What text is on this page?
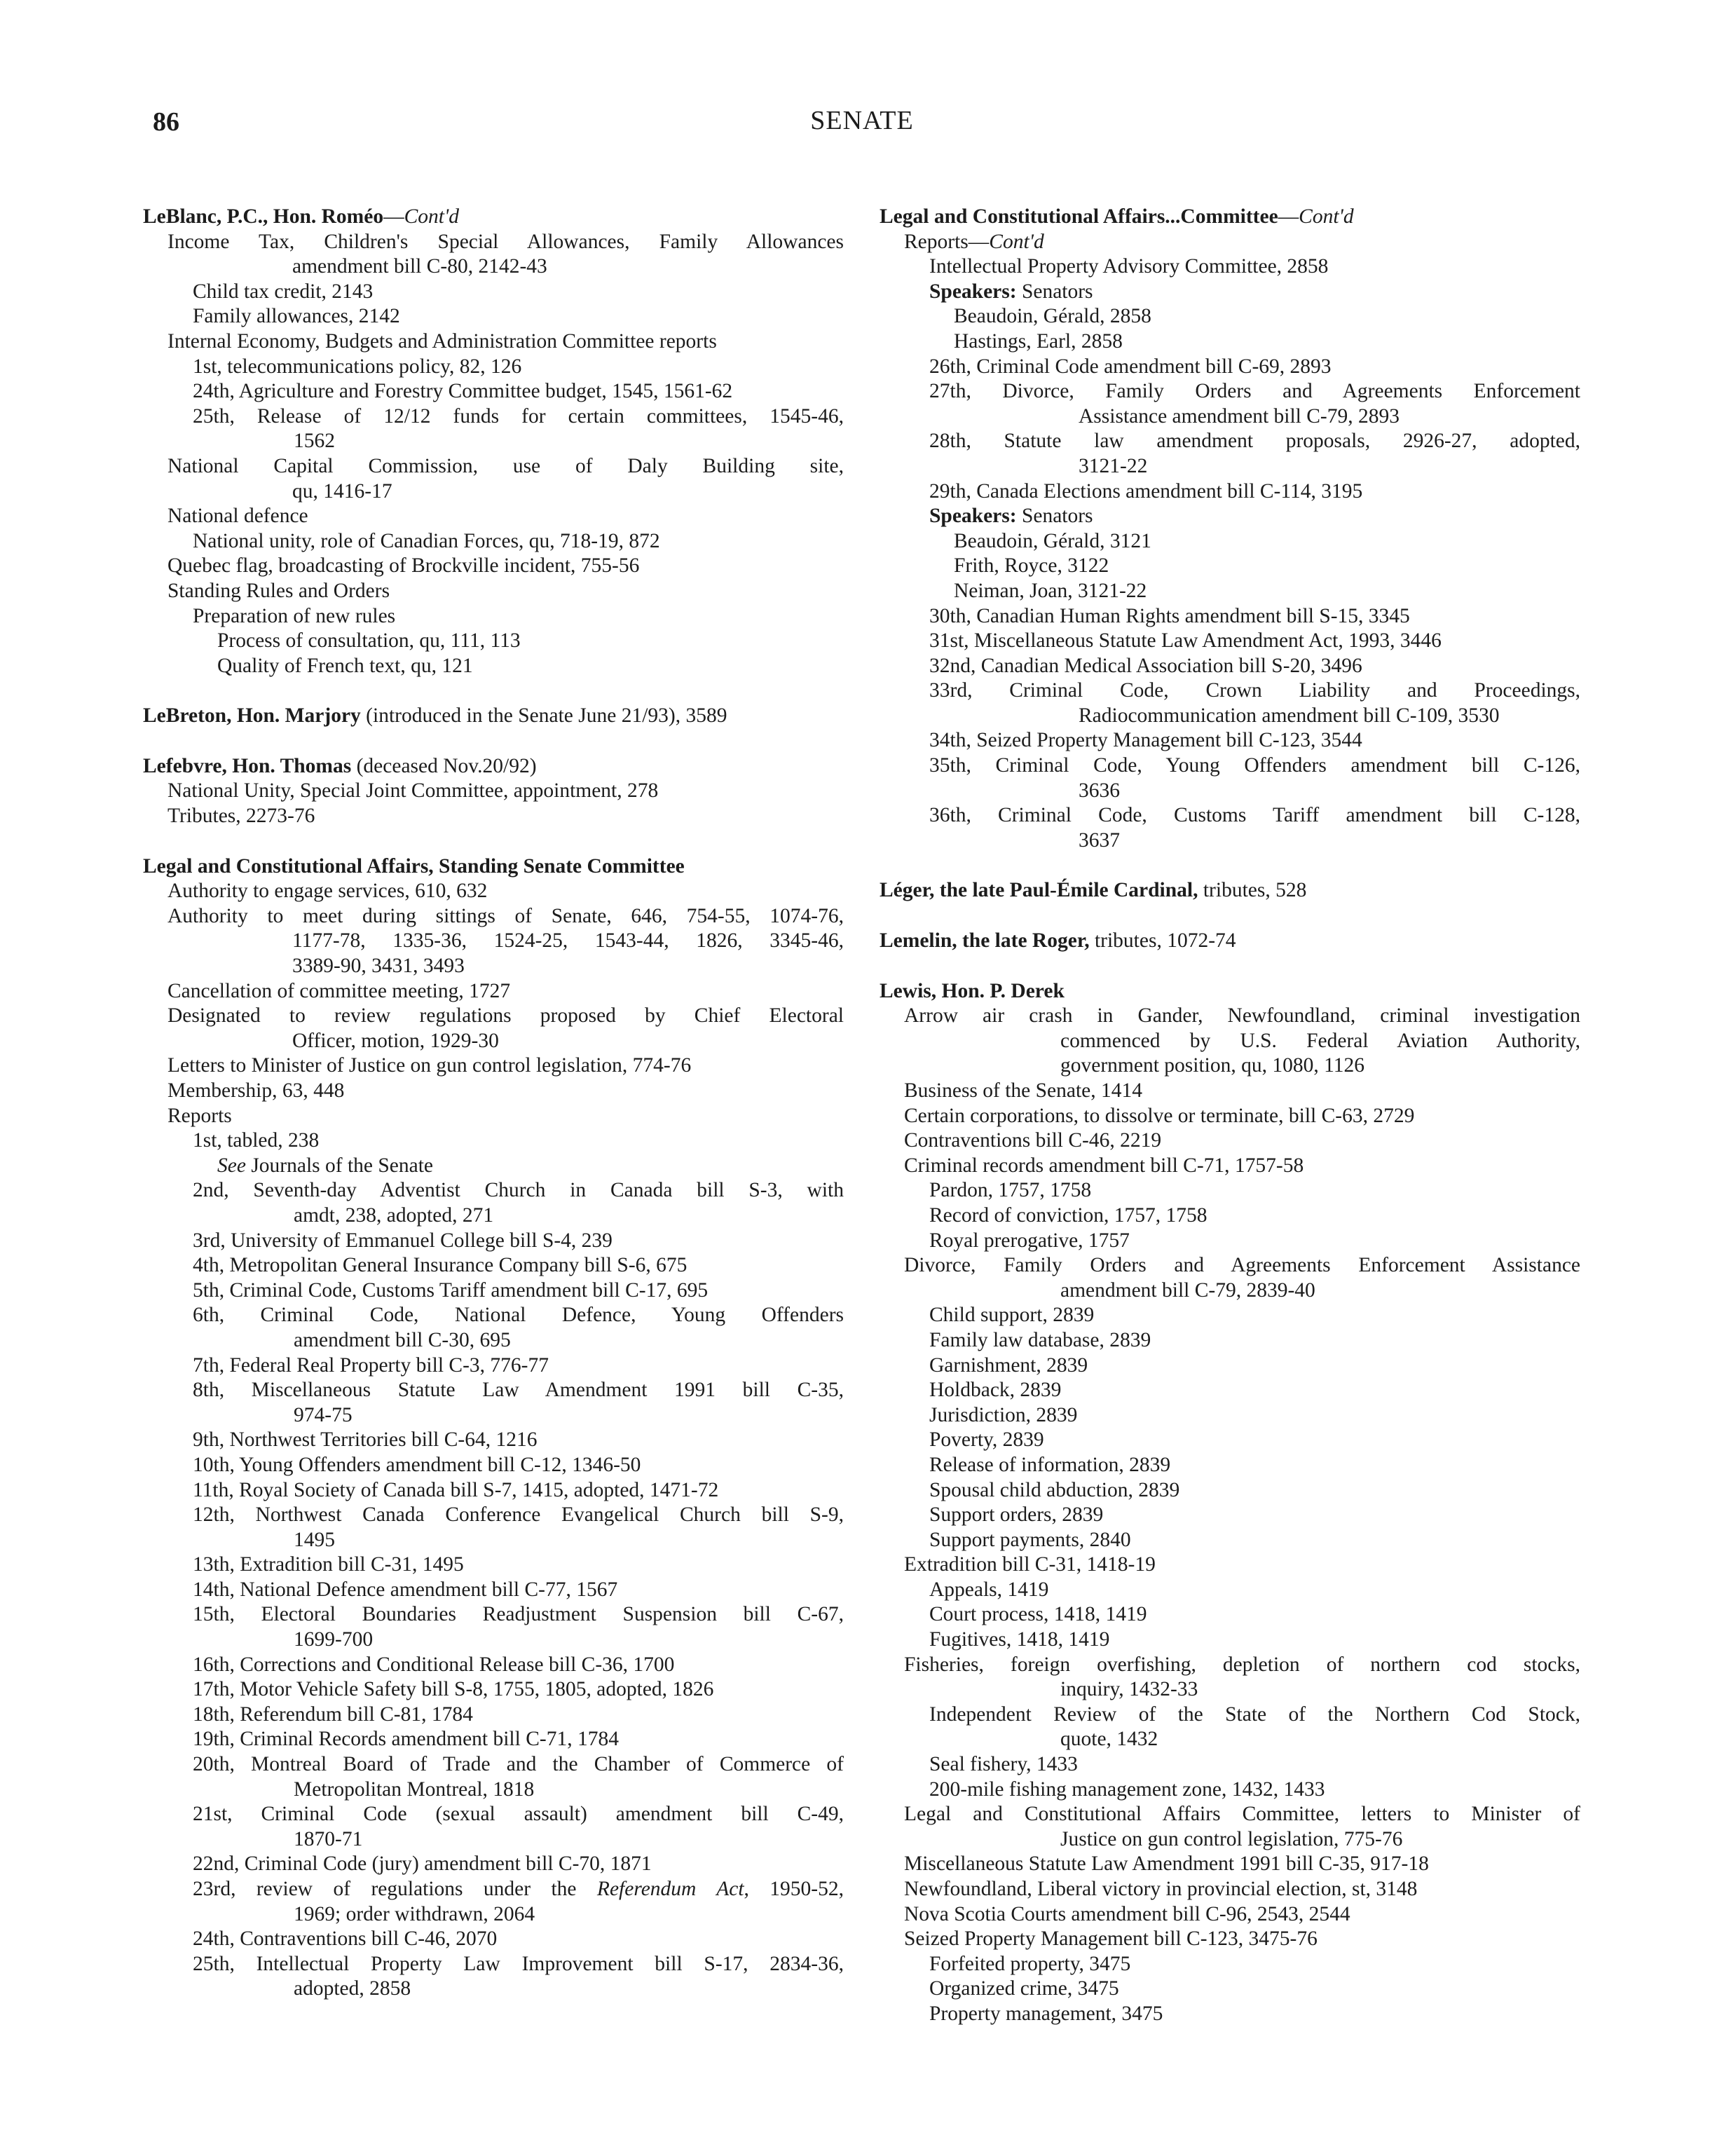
86	SENATE
LeBlanc, P.C., Hon. Roméo—Cont'd
Income Tax, Children's Special Allowances, Family Allowances
amendment bill C-80, 2142-43
Child tax credit, 2143
Family allowances, 2142
Internal Economy, Budgets and Administration Committee reports
1st, telecommunications policy, 82, 126
24th, Agriculture and Forestry Committee budget, 1545, 1561-62
25th, Release of 12/12 funds for certain committees, 1545-46,
1562
National Capital Commission, use of Daly Building site,
qu, 1416-17
National defence
National unity, role of Canadian Forces, qu, 718-19, 872
Quebec flag, broadcasting of Brockville incident, 755-56
Standing Rules and Orders
Preparation of new rules
Process of consultation, qu, 111, 113
Quality of French text, qu, 121
LeBreton, Hon. Marjory (introduced in the Senate June 21/93), 3589
Lefebvre, Hon. Thomas (deceased Nov.20/92)
National Unity, Special Joint Committee, appointment, 278
Tributes, 2273-76
Legal and Constitutional Affairs, Standing Senate Committee
Authority to engage services, 610, 632
Authority to meet during sittings of Senate, 646, 754-55, 1074-76,
1177-78, 1335-36, 1524-25, 1543-44, 1826, 3345-46,
3389-90, 3431, 3493
Cancellation of committee meeting, 1727
Designated to review regulations proposed by Chief Electoral
Officer, motion, 1929-30
Letters to Minister of Justice on gun control legislation, 774-76
Membership, 63, 448
Reports
1st, tabled, 238
See Journals of the Senate
2nd, Seventh-day Adventist Church in Canada bill S-3, with
amdt, 238, adopted, 271
3rd, University of Emmanuel College bill S-4, 239
4th, Metropolitan General Insurance Company bill S-6, 675
5th, Criminal Code, Customs Tariff amendment bill C-17, 695
6th, Criminal Code, National Defence, Young Offenders
amendment bill C-30, 695
7th, Federal Real Property bill C-3, 776-77
8th, Miscellaneous Statute Law Amendment 1991 bill C-35,
974-75
9th, Northwest Territories bill C-64, 1216
10th, Young Offenders amendment bill C-12, 1346-50
11th, Royal Society of Canada bill S-7, 1415, adopted, 1471-72
12th, Northwest Canada Conference Evangelical Church bill S-9,
1495
13th, Extradition bill C-31, 1495
14th, National Defence amendment bill C-77, 1567
15th, Electoral Boundaries Readjustment Suspension bill C-67,
1699-700
16th, Corrections and Conditional Release bill C-36, 1700
17th, Motor Vehicle Safety bill S-8, 1755, 1805, adopted, 1826
18th, Referendum bill C-81, 1784
19th, Criminal Records amendment bill C-71, 1784
20th, Montreal Board of Trade and the Chamber of Commerce of
Metropolitan Montreal, 1818
21st, Criminal Code (sexual assault) amendment bill C-49,
1870-71
22nd, Criminal Code (jury) amendment bill C-70, 1871
23rd, review of regulations under the Referendum Act, 1950-52,
1969; order withdrawn, 2064
24th, Contraventions bill C-46, 2070
25th, Intellectual Property Law Improvement bill S-17, 2834-36,
adopted, 2858
Legal and Constitutional Affairs...Committee—Cont'd
Reports—Cont'd
Intellectual Property Advisory Committee, 2858
Speakers: Senators
Beaudoin, Gérald, 2858
Hastings, Earl, 2858
26th, Criminal Code amendment bill C-69, 2893
27th, Divorce, Family Orders and Agreements Enforcement
Assistance amendment bill C-79, 2893
28th, Statute law amendment proposals, 2926-27, adopted,
3121-22
29th, Canada Elections amendment bill C-114, 3195
Speakers: Senators
Beaudoin, Gérald, 3121
Frith, Royce, 3122
Neiman, Joan, 3121-22
30th, Canadian Human Rights amendment bill S-15, 3345
31st, Miscellaneous Statute Law Amendment Act, 1993, 3446
32nd, Canadian Medical Association bill S-20, 3496
33rd, Criminal Code, Crown Liability and Proceedings,
Radiocommunication amendment bill C-109, 3530
34th, Seized Property Management bill C-123, 3544
35th, Criminal Code, Young Offenders amendment bill C-126,
3636
36th, Criminal Code, Customs Tariff amendment bill C-128,
3637
Léger, the late Paul-Émile Cardinal, tributes, 528
Lemelin, the late Roger, tributes, 1072-74
Lewis, Hon. P. Derek
Arrow air crash in Gander, Newfoundland, criminal investigation
commenced by U.S. Federal Aviation Authority,
government position, qu, 1080, 1126
Business of the Senate, 1414
Certain corporations, to dissolve or terminate, bill C-63, 2729
Contraventions bill C-46, 2219
Criminal records amendment bill C-71, 1757-58
Pardon, 1757, 1758
Record of conviction, 1757, 1758
Royal prerogative, 1757
Divorce, Family Orders and Agreements Enforcement Assistance
amendment bill C-79, 2839-40
Child support, 2839
Family law database, 2839
Garnishment, 2839
Holdback, 2839
Jurisdiction, 2839
Poverty, 2839
Release of information, 2839
Spousal child abduction, 2839
Support orders, 2839
Support payments, 2840
Extradition bill C-31, 1418-19
Appeals, 1419
Court process, 1418, 1419
Fugitives, 1418, 1419
Fisheries, foreign overfishing, depletion of northern cod stocks,
inquiry, 1432-33
Independent Review of the State of the Northern Cod Stock,
quote, 1432
Seal fishery, 1433
200-mile fishing management zone, 1432, 1433
Legal and Constitutional Affairs Committee, letters to Minister of
Justice on gun control legislation, 775-76
Miscellaneous Statute Law Amendment 1991 bill C-35, 917-18
Newfoundland, Liberal victory in provincial election, st, 3148
Nova Scotia Courts amendment bill C-96, 2543, 2544
Seized Property Management bill C-123, 3475-76
Forfeited property, 3475
Organized crime, 3475
Property management, 3475
